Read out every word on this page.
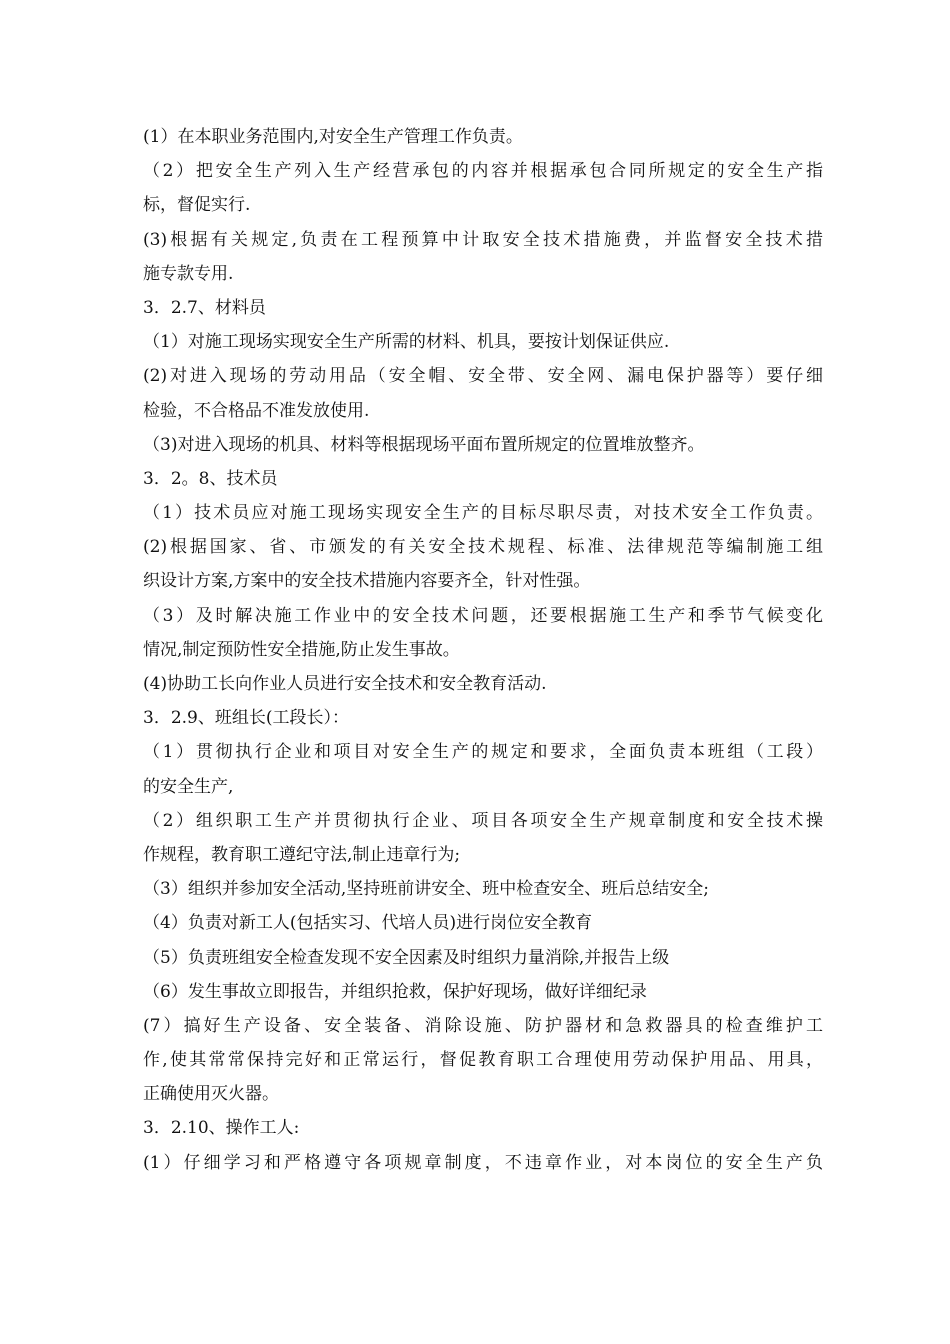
(1）在本职业务范围内,对安全生产管理工作负责。
（2）把安全生产列入生产经营承包的内容并根据承包合同所规定的安全生产指
标，督促实行.
(3)根据有关规定,负责在工程预算中计取安全技术措施费，并监督安全技术措
施专款专用.
3．2.7、材料员
（1）对施工现场实现安全生产所需的材料、机具，要按计划保证供应.
(2)对进入现场的劳动用品（安全帽、安全带、安全网、漏电保护器等）要仔细
检验，不合格品不准发放使用.
（3)对进入现场的机具、材料等根据现场平面布置所规定的位置堆放整齐。
3．2。8、技术员
（1）技术员应对施工现场实现安全生产的目标尽职尽责，对技术安全工作负责。
(2)根据国家、省、市颁发的有关安全技术规程、标准、法律规范等编制施工组
织设计方案,方案中的安全技术措施内容要齐全，针对性强。
（3）及时解决施工作业中的安全技术问题，还要根据施工生产和季节气候变化
情况,制定预防性安全措施,防止发生事故。
(4)协助工长向作业人员进行安全技术和安全教育活动.
3．2.9、班组长(工段长）：
（1）贯彻执行企业和项目对安全生产的规定和要求，全面负责本班组（工段）
的安全生产,
（2）组织职工生产并贯彻执行企业、项目各项安全生产规章制度和安全技术操
作规程，教育职工遵纪守法,制止违章行为;
（3）组织并参加安全活动,坚持班前讲安全、班中检查安全、班后总结安全;
（4）负责对新工人(包括实习、代培人员)进行岗位安全教育
（5）负责班组安全检查发现不安全因素及时组织力量消除,并报告上级
（6）发生事故立即报告，并组织抢救，保护好现场，做好详细纪录
(7）搞好生产设备、安全装备、消除设施、防护器材和急救器具的检查维护工
作,使其常常保持完好和正常运行，督促教育职工合理使用劳动保护用品、用具，
正确使用灭火器。
3．2.10、操作工人:
(1）仔细学习和严格遵守各项规章制度，不违章作业，对本岗位的安全生产负
